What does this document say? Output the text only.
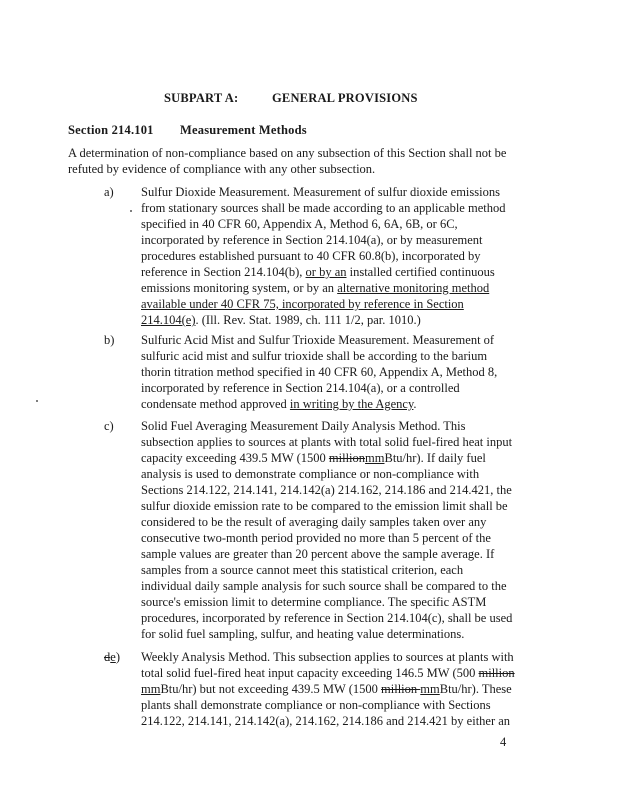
SUBPART A:	GENERAL PROVISIONS
Section 214.101 Measurement Methods
A determination of non-compliance based on any subsection of this Section shall not be
refuted by evidence of compliance with any other subsection.
a) Sulfur Dioxide Measurement. Measurement of sulfur dioxide emissions
from stationary sources shall be made according to an applicable method
specified in 40 CFR 60, Appendix A, Method 6, 6A, 6B, or 6C,
incorporated by reference in Section 214.104(a), or by measurement
procedures established pursuant to 40 CFR 60.8(b), incorporated by
reference in Section 214.104(b), or by an installed certified continuous
emissions monitoring system, or by an alternative monitoring method
available under 40 CFR 75, incorporated by reference in Section
214.104(e). (Ill. Rev. Stat. 1989, ch. 111 1/2, par. 1010.)
b) Sulfuric Acid Mist and Sulfur Trioxide Measurement. Measurement of
sulfuric acid mist and sulfur trioxide shall be according to the barium
thorin titration method specified in 40 CFR 60, Appendix A, Method 8,
incorporated by reference in Section 214.104(a), or a controlled
condensate method approved in writing by the Agency.
c) Solid Fuel Averaging Measurement Daily Analysis Method. This
subsection applies to sources at plants with total solid fuel-fired heat input
capacity exceeding 439.5 MW (1500 millionmmBtu/hr). If daily fuel
analysis is used to demonstrate compliance or non-compliance with
Sections 214.122, 214.141, 214.142(a) 214.162, 214.186 and 214.421, the
sulfur dioxide emission rate to be compared to the emission limit shall be
considered to be the result of averaging daily samples taken over any
consecutive two-month period provided no more than 5 percent of the
sample values are greater than 20 percent above the sample average. If
samples from a source cannot meet this statistical criterion, each
individual daily sample analysis for such source shall be compared to the
source's emission limit to determine compliance. The specific ASTM
procedures, incorporated by reference in Section 214.104(c), shall be used
for solid fuel sampling, sulfur, and heating value determinations.
de) Weekly Analysis Method. This subsection applies to sources at plants with
total solid fuel-fired heat input capacity exceeding 146.5 MW (500 million
mmBtu/hr) but not exceeding 439.5 MW (1500 million mmBtu/hr). These
plants shall demonstrate compliance or non-compliance with Sections
214.122, 214.141, 214.142(a), 214.162, 214.186 and 214.421 by either an
4
